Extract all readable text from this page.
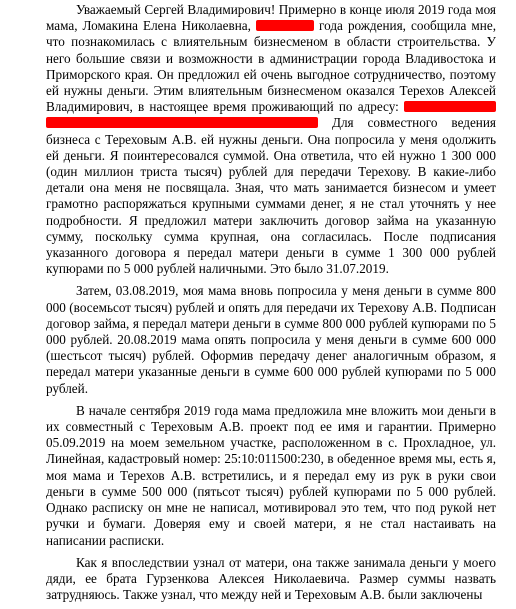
Уважаемый Сергей Владимирович! Примерно в конце июля 2019 года моя мама, Ломакина Елена Николаевна,	года рождения, сообщила мне, что познакомилась с влиятельным бизнесменом в области строительства. У него большие связи и возможности в администрации города Владивостока и Приморского края. Он предложил ей очень выгодное сотрудничество, поэтому ей нужны деньги. Этим влиятельным бизнесменом оказался Терехов Алексей Владимирович, в настоящее время проживающий по адресу:   Для совместного ведения бизнеса с Тереховым А.В. ей нужны деньги. Она попросила у меня одолжить ей деньги. Я поинтересовался суммой. Она ответила, что ей нужно 1 300 000 (один миллион триста тысяч) рублей для передачи Терехову. В какие-либо детали она меня не посвящала. Зная, что мать занимается бизнесом и умеет грамотно распоряжаться крупными суммами денег, я не стал уточнять у нее подробности. Я предложил матери заключить договор займа на указанную сумму, поскольку сумма крупная, она согласилась. После подписания указанного договора я передал матери деньги в сумме 1 300 000 рублей купюрами по 5 000 рублей наличными. Это было 31.07.2019.

Затем, 03.08.2019, моя мама вновь попросила у меня деньги в сумме 800 000 (восемьсот тысяч) рублей и опять для передачи их Терехову А.В. Подписан договор займа, я передал матери деньги в сумме 800 000 рублей купюрами по 5 000 рублей. 20.08.2019 мама опять попросила у меня деньги в сумме 600 000 (шестьсот тысяч) рублей. Оформив передачу денег аналогичным образом, я передал матери указанные деньги в сумме 600 000 рублей купюрами по 5 000 рублей.

В начале сентября 2019 года мама предложила мне вложить мои деньги в их совместный с Тереховым А.В. проект под ее имя и гарантии. Примерно 05.09.2019 на моем земельном участке, расположенном в с. Прохладное, ул. Линейная, кадастровый номер: 25:10:011500:230, в обеденное время мы, есть я, моя мама и Терехов А.В. встретились, и я передал ему из рук в руки свои деньги в сумме 500 000 (пятьсот тысяч) рублей купюрами по 5 000 рублей. Однако расписку он мне не написал, мотивировал это тем, что под рукой нет ручки и бумаги. Доверяя ему и своей матери, я не стал настаивать на написании расписки.

Как я впоследствии узнал от матери, она также занимала деньги у моего дяди, ее брата Гурзенкова Алексея Николаевича. Размер суммы назвать затрудняюсь. Также узнал, что между ней и Тереховым А.В. были заключены
